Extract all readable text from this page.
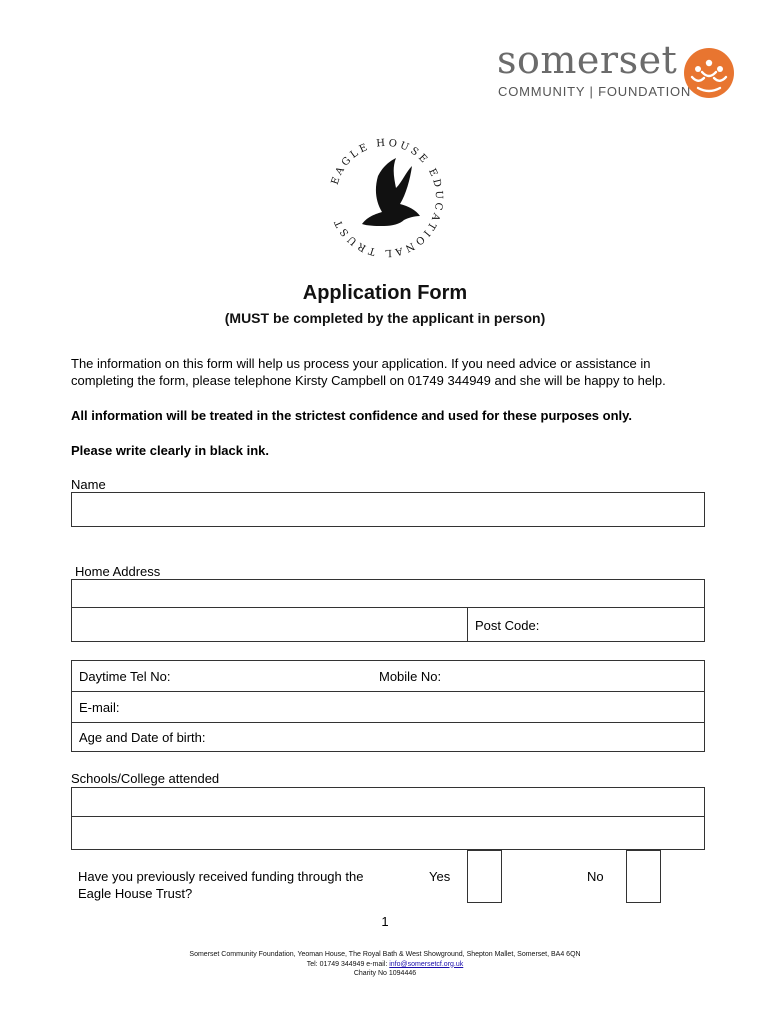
somerset
COMMUNITY | FOUNDATION
EAGLE HOUSE EDUCATIONAL TRUST
Application Form
(MUST be completed by the applicant in person)
The information on this form will help us process your application. If you need advice or assistance in
completing the form, please telephone Kirsty Campbell on 01749 344949 and she will be happy to help.
All information will be treated in the strictest confidence and used for these purposes only.
Please write clearly in black ink.
Name
Home Address
Post Code:
Daytime Tel No:	Mobile No:
E-mail:
Age and Date of birth:
Schools/College attended
Have you previously received funding through the
Eagle House Trust?
Yes	No
1
Somerset Community Foundation, Yeoman House, The Royal Bath & West Showground, Shepton Mallet, Somerset, BA4 6QN
Tel: 01749 344949 e-mail: info@somersetcf.org.uk
Charity No 1094446
